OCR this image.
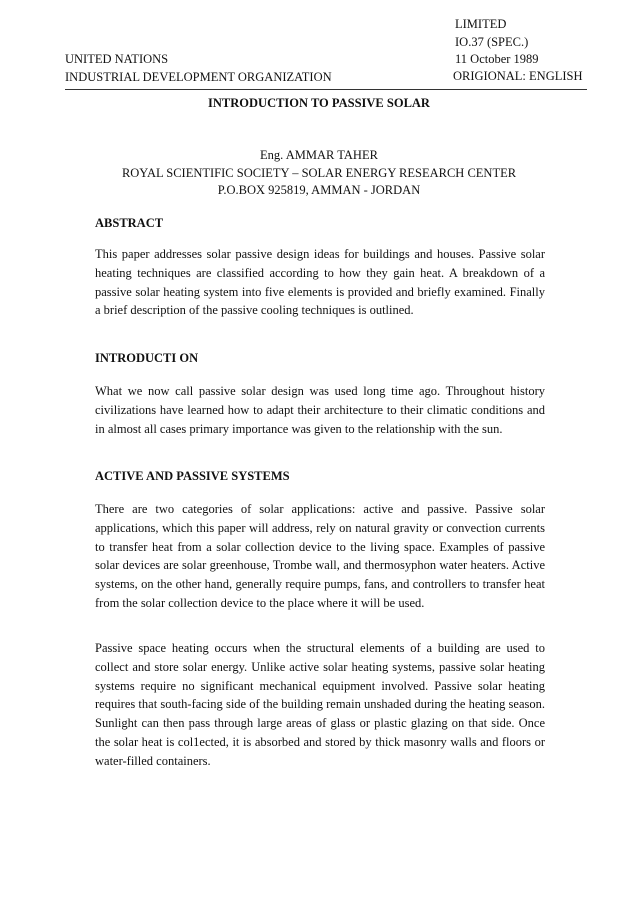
LIMITED
IO.37 (SPEC.)
11 October 1989
UNITED NATIONS
INDUSTRIAL DEVELOPMENT ORGANIZATION	ORIGIONAL: ENGLISH
INTRODUCTION TO PASSIVE SOLAR
Eng. AMMAR TAHER
ROYAL SCIENTIFIC SOCIETY – SOLAR ENERGY RESEARCH CENTER
P.O.BOX 925819, AMMAN - JORDAN
ABSTRACT
This paper addresses solar passive design ideas for buildings and houses. Passive solar heating techniques are classified according to how they gain heat. A breakdown of a passive solar heating system into five elements is provided and briefly examined. Finally a brief description of the passive cooling techniques is outlined.
INTRODUCTI ON
What we now call passive solar design was used long time ago. Throughout history civilizations have learned how to adapt their architecture to their climatic conditions and in almost all cases primary importance was given to the relationship with the sun.
ACTIVE AND PASSIVE SYSTEMS
There are two categories of solar applications: active and passive. Passive solar applications, which this paper will address, rely on natural gravity or convection currents to transfer heat from a solar collection device to the living space. Examples of passive solar devices are solar greenhouse, Trombe wall, and thermosyphon water heaters. Active systems, on the other hand, generally require pumps, fans, and controllers to transfer heat from the solar collection device to the place where it will be used.
Passive space heating occurs when the structural elements of a building are used to collect and store solar energy. Unlike active solar heating systems, passive solar heating systems require no significant mechanical equipment involved. Passive solar heating requires that south-facing side of the building remain unshaded during the heating season. Sunlight can then pass through large areas of glass or plastic glazing on that side. Once the solar heat is col1ected, it is absorbed and stored by thick masonry walls and floors or water-filled containers.
